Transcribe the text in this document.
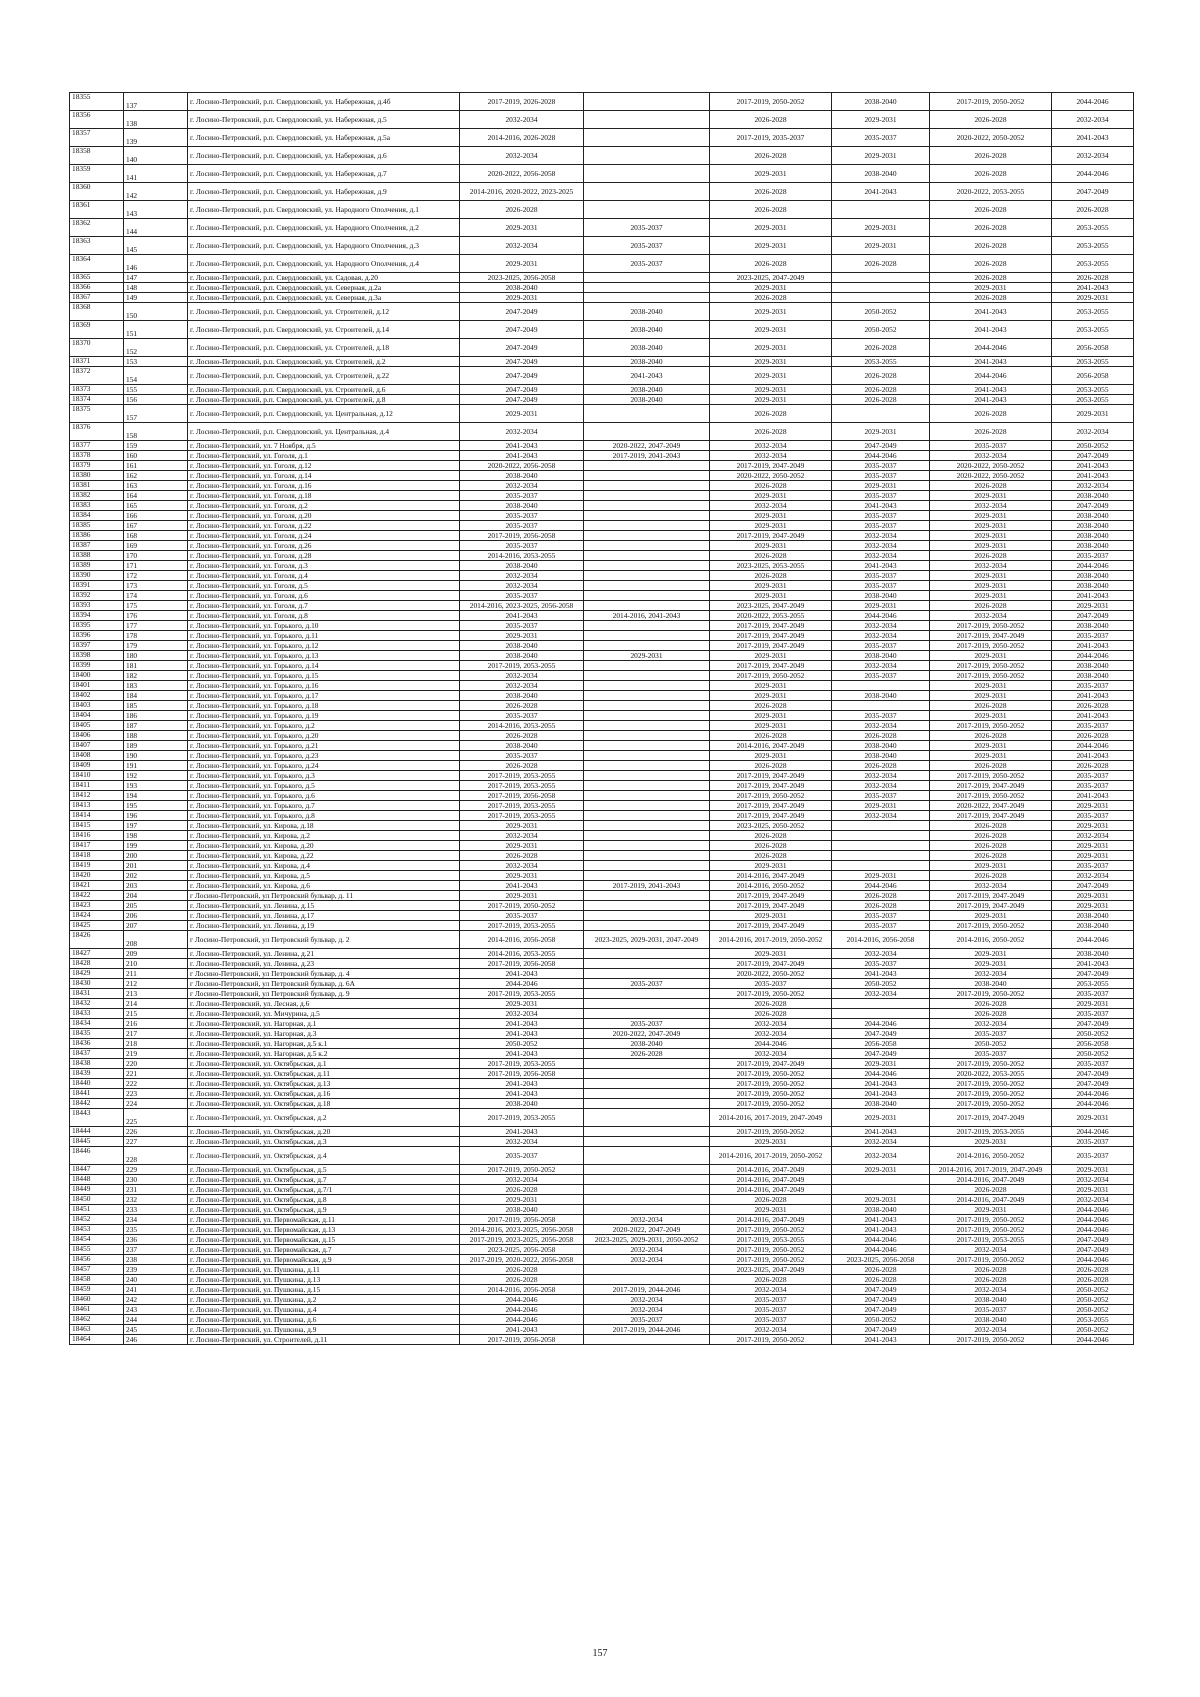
18355	137	г. Лосино-Петровский, р.п. Свердловский, ул. Набережная, д.4б	2017-2019, 2026-2028		2017-2019, 2050-2052	2038-2040	2017-2019, 2050-2052	2044-2046
18356	138	г. Лосино-Петровский, р.п. Свердловский, ул. Набережная, д.5	2032-2034		2026-2028	2029-2031	2026-2028	2032-2034
18357	139	г. Лосино-Петровский, р.п. Свердловский, ул. Набережная, д.5а	2014-2016, 2026-2028		2017-2019, 2035-2037	2035-2037	2020-2022, 2050-2052	2041-2043
18358	140	г. Лосино-Петровский, р.п. Свердловский, ул. Набережная, д.6	2032-2034		2026-2028	2029-2031	2026-2028	2032-2034
18359	141	г. Лосино-Петровский, р.п. Свердловский, ул. Набережная, д.7	2020-2022, 2056-2058		2029-2031	2038-2040	2026-2028	2044-2046
18360	142	г. Лосино-Петровский, р.п. Свердловский, ул. Набережная, д.9	2014-2016, 2020-2022, 2023-2025		2026-2028	2041-2043	2020-2022, 2053-2055	2047-2049
18361	143	г. Лосино-Петровский, р.п. Свердловский, ул. Народного Ополчения, д.1	2026-2028		2026-2028		2026-2028	2026-2028
18362	144	г. Лосино-Петровский, р.п. Свердловский, ул. Народного Ополчения, д.2	2029-2031	2035-2037	2029-2031	2029-2031	2026-2028	2053-2055
18363	145	г. Лосино-Петровский, р.п. Свердловский, ул. Народного Ополчения, д.3	2032-2034	2035-2037	2029-2031	2029-2031	2026-2028	2053-2055
18364	146	г. Лосино-Петровский, р.п. Свердловский, ул. Народного Ополчения, д.4	2029-2031	2035-2037	2026-2028	2026-2028	2026-2028	2053-2055
18365	147	г. Лосино-Петровский, р.п. Свердловский, ул. Садовая, д.20	2023-2025, 2056-2058		2023-2025, 2047-2049		2026-2028	2026-2028
18366	148	г. Лосино-Петровский, р.п. Свердловский, ул. Северная, д.2а	2038-2040		2029-2031		2029-2031	2041-2043
18367	149	г. Лосино-Петровский, р.п. Свердловский, ул. Северная, д.3а	2029-2031		2026-2028		2026-2028	2029-2031
18368	150	г. Лосино-Петровский, р.п. Свердловский, ул. Строителей, д.12	2047-2049	2038-2040	2029-2031	2050-2052	2041-2043	2053-2055
18369	151	г. Лосино-Петровский, р.п. Свердловский, ул. Строителей, д.14	2047-2049	2038-2040	2029-2031	2050-2052	2041-2043	2053-2055
18370	152	г. Лосино-Петровский, р.п. Свердловский, ул. Строителей, д.18	2047-2049	2038-2040	2029-2031	2026-2028	2044-2046	2056-2058
18371	153	г. Лосино-Петровский, р.п. Свердловский, ул. Строителей, д.2	2047-2049	2038-2040	2029-2031	2053-2055	2041-2043	2053-2055
18372	154	г. Лосино-Петровский, р.п. Свердловский, ул. Строителей, д.22	2047-2049	2041-2043	2029-2031	2026-2028	2044-2046	2056-2058
18373	155	г. Лосино-Петровский, р.п. Свердловский, ул. Строителей, д.6	2047-2049	2038-2040	2029-2031	2026-2028	2041-2043	2053-2055
18374	156	г. Лосино-Петровский, р.п. Свердловский, ул. Строителей, д.8	2047-2049	2038-2040	2029-2031	2026-2028	2041-2043	2053-2055
18375	157	г. Лосино-Петровский, р.п. Свердловский, ул. Центральная, д.12	2029-2031		2026-2028		2026-2028	2029-2031
18376	158	г. Лосино-Петровский, р.п. Свердловский, ул. Центральная, д.4	2032-2034		2026-2028	2029-2031	2026-2028	2032-2034
18377	159	г. Лосино-Петровский, ул. 7 Ноября, д.5	2041-2043	2020-2022, 2047-2049	2032-2034	2047-2049	2035-2037	2050-2052
18378	160	г. Лосино-Петровский, ул. Гоголя, д.1	2041-2043	2017-2019, 2041-2043	2032-2034	2044-2046	2032-2034	2047-2049
18379	161	г. Лосино-Петровский, ул. Гоголя, д.12	2020-2022, 2056-2058		2017-2019, 2047-2049	2035-2037	2020-2022, 2050-2052	2041-2043
18380	162	г. Лосино-Петровский, ул. Гоголя, д.14	2038-2040		2020-2022, 2050-2052	2035-2037	2020-2022, 2050-2052	2041-2043
18381	163	г. Лосино-Петровский, ул. Гоголя, д.16	2032-2034		2026-2028	2029-2031	2026-2028	2032-2034
18382	164	г. Лосино-Петровский, ул. Гоголя, д.18	2035-2037		2029-2031	2035-2037	2029-2031	2038-2040
18383	165	г. Лосино-Петровский, ул. Гоголя, д.2	2038-2040		2032-2034	2041-2043	2032-2034	2047-2049
18384	166	г. Лосино-Петровский, ул. Гоголя, д.20	2035-2037		2029-2031	2035-2037	2029-2031	2038-2040
18385	167	г. Лосино-Петровский, ул. Гоголя, д.22	2035-2037		2029-2031	2035-2037	2029-2031	2038-2040
18386	168	г. Лосино-Петровский, ул. Гоголя, д.24	2017-2019, 2056-2058		2017-2019, 2047-2049	2032-2034	2029-2031	2038-2040
18387	169	г. Лосино-Петровский, ул. Гоголя, д.26	2035-2037		2029-2031	2032-2034	2029-2031	2038-2040
18388	170	г. Лосино-Петровский, ул. Гоголя, д.28	2014-2016, 2053-2055		2026-2028	2032-2034	2026-2028	2035-2037
18389	171	г. Лосино-Петровский, ул. Гоголя, д.3	2038-2040		2023-2025, 2053-2055	2041-2043	2032-2034	2044-2046
18390	172	г. Лосино-Петровский, ул. Гоголя, д.4	2032-2034		2026-2028	2035-2037	2029-2031	2038-2040
18391	173	г. Лосино-Петровский, ул. Гоголя, д.5	2032-2034		2029-2031	2035-2037	2029-2031	2038-2040
18392	174	г. Лосино-Петровский, ул. Гоголя, д.6	2035-2037		2029-2031	2038-2040	2029-2031	2041-2043
18393	175	г. Лосино-Петровский, ул. Гоголя, д.7	2014-2016, 2023-2025, 2056-2058		2023-2025, 2047-2049	2029-2031	2026-2028	2029-2031
18394	176	г. Лосино-Петровский, ул. Гоголя, д.8	2041-2043	2014-2016, 2041-2043	2020-2022, 2053-2055	2044-2046	2032-2034	2047-2049
18395	177	г. Лосино-Петровский, ул. Горького, д.10	2035-2037		2017-2019, 2047-2049	2032-2034	2017-2019, 2050-2052	2038-2040
18396	178	г. Лосино-Петровский, ул. Горького, д.11	2029-2031		2017-2019, 2047-2049	2032-2034	2017-2019, 2047-2049	2035-2037
18397	179	г. Лосино-Петровский, ул. Горького, д.12	2038-2040		2017-2019, 2047-2049	2035-2037	2017-2019, 2050-2052	2041-2043
18398	180	г. Лосино-Петровский, ул. Горького, д.13	2038-2040	2029-2031	2029-2031	2038-2040	2029-2031	2044-2046
18399	181	г. Лосино-Петровский, ул. Горького, д.14	2017-2019, 2053-2055		2017-2019, 2047-2049	2032-2034	2017-2019, 2050-2052	2038-2040
18400	182	г. Лосино-Петровский, ул. Горького, д.15	2032-2034		2017-2019, 2050-2052	2035-2037	2017-2019, 2050-2052	2038-2040
18401	183	г. Лосино-Петровский, ул. Горького, д.16	2032-2034		2029-2031		2029-2031	2035-2037
18402	184	г. Лосино-Петровский, ул. Горького, д.17	2038-2040		2029-2031	2038-2040	2029-2031	2041-2043
18403	185	г. Лосино-Петровский, ул. Горького, д.18	2026-2028		2026-2028		2026-2028	2026-2028
18404	186	г. Лосино-Петровский, ул. Горького, д.19	2035-2037		2029-2031	2035-2037	2029-2031	2041-2043
18405	187	г. Лосино-Петровский, ул. Горького, д.2	2014-2016, 2053-2055		2029-2031	2032-2034	2017-2019, 2050-2052	2035-2037
18406	188	г. Лосино-Петровский, ул. Горького, д.20	2026-2028		2026-2028	2026-2028	2026-2028	2026-2028
18407	189	г. Лосино-Петровский, ул. Горького, д.21	2038-2040		2014-2016, 2047-2049	2038-2040	2029-2031	2044-2046
18408	190	г. Лосино-Петровский, ул. Горького, д.23	2035-2037		2029-2031	2038-2040	2029-2031	2041-2043
18409	191	г. Лосино-Петровский, ул. Горького, д.24	2026-2028		2026-2028	2026-2028	2026-2028	2026-2028
18410	192	г. Лосино-Петровский, ул. Горького, д.3	2017-2019, 2053-2055		2017-2019, 2047-2049	2032-2034	2017-2019, 2050-2052	2035-2037
18411	193	г. Лосино-Петровский, ул. Горького, д.5	2017-2019, 2053-2055		2017-2019, 2047-2049	2032-2034	2017-2019, 2047-2049	2035-2037
18412	194	г. Лосино-Петровский, ул. Горького, д.6	2017-2019, 2056-2058		2017-2019, 2050-2052	2035-2037	2017-2019, 2050-2052	2041-2043
18413	195	г. Лосино-Петровский, ул. Горького, д.7	2017-2019, 2053-2055		2017-2019, 2047-2049	2029-2031	2020-2022, 2047-2049	2029-2031
18414	196	г. Лосино-Петровский, ул. Горького, д.8	2017-2019, 2053-2055		2017-2019, 2047-2049	2032-2034	2017-2019, 2047-2049	2035-2037
18415	197	г. Лосино-Петровский, ул. Кирова, д.18	2029-2031		2023-2025, 2050-2052		2026-2028	2029-2031
18416	198	г. Лосино-Петровский, ул. Кирова, д.2	2032-2034		2026-2028		2026-2028	2032-2034
18417	199	г. Лосино-Петровский, ул. Кирова, д.20	2029-2031		2026-2028		2026-2028	2029-2031
18418	200	г. Лосино-Петровский, ул. Кирова, д.22	2026-2028		2026-2028		2026-2028	2029-2031
18419	201	г. Лосино-Петровский, ул. Кирова, д.4	2032-2034		2029-2031		2029-2031	2035-2037
18420	202	г. Лосино-Петровский, ул. Кирова, д.5	2029-2031		2014-2016, 2047-2049	2029-2031	2026-2028	2032-2034
18421	203	г. Лосино-Петровский, ул. Кирова, д.6	2041-2043	2017-2019, 2041-2043	2014-2016, 2050-2052	2044-2046	2032-2034	2047-2049
18422	204	г Лосино-Петровский, ул Петровский бульвар, д. 11	2029-2031		2017-2019, 2047-2049	2026-2028	2017-2019, 2047-2049	2029-2031
18423	205	г. Лосино-Петровский, ул. Ленина, д.15	2017-2019, 2050-2052		2017-2019, 2047-2049	2026-2028	2017-2019, 2047-2049	2029-2031
18424	206	г. Лосино-Петровский, ул. Ленина, д.17	2035-2037		2029-2031	2035-2037	2029-2031	2038-2040
18425	207	г. Лосино-Петровский, ул. Ленина, д.19	2017-2019, 2053-2055		2017-2019, 2047-2049	2035-2037	2017-2019, 2050-2052	2038-2040
18426	208	г Лосино-Петровский, ул Петровский бульвар, д. 2	2014-2016, 2056-2058	2023-2025, 2029-2031, 2047-2049	2014-2016, 2017-2019, 2050-2052	2014-2016, 2056-2058	2014-2016, 2050-2052	2044-2046
18427	209	г. Лосино-Петровский, ул. Ленина, д.21	2014-2016, 2053-2055		2029-2031	2032-2034	2029-2031	2038-2040
18428	210	г. Лосино-Петровский, ул. Ленина, д.23	2017-2019, 2056-2058		2017-2019, 2047-2049	2035-2037	2029-2031	2041-2043
18429	211	г Лосино-Петровский, ул Петровский бульвар, д. 4	2041-2043		2020-2022, 2050-2052	2041-2043	2032-2034	2047-2049
18430	212	г Лосино-Петровский, ул Петровский бульвар, д. 6А	2044-2046	2035-2037	2035-2037	2050-2052	2038-2040	2053-2055
18431	213	г Лосино-Петровский, ул Петровский бульвар, д. 9	2017-2019, 2053-2055		2017-2019, 2050-2052	2032-2034	2017-2019, 2050-2052	2035-2037
18432	214	г. Лосино-Петровский, ул. Лесная, д.6	2029-2031		2026-2028		2026-2028	2029-2031
18433	215	г. Лосино-Петровский, ул. Мичурина, д.5	2032-2034		2026-2028		2026-2028	2035-2037
18434	216	г. Лосино-Петровский, ул. Нагорная, д.1	2041-2043	2035-2037	2032-2034	2044-2046	2032-2034	2047-2049
18435	217	г. Лосино-Петровский, ул. Нагорная, д.3	2041-2043	2020-2022, 2047-2049	2032-2034	2047-2049	2035-2037	2050-2052
18436	218	г. Лосино-Петровский, ул. Нагорная, д.5 к.1	2050-2052	2038-2040	2044-2046	2056-2058	2050-2052	2056-2058
18437	219	г. Лосино-Петровский, ул. Нагорная, д.5 к.2	2041-2043	2026-2028	2032-2034	2047-2049	2035-2037	2050-2052
18438	220	г. Лосино-Петровский, ул. Октябрьская, д.1	2017-2019, 2053-2055		2017-2019, 2047-2049	2029-2031	2017-2019, 2050-2052	2035-2037
18439	221	г. Лосино-Петровский, ул. Октябрьская, д.11	2017-2019, 2056-2058		2017-2019, 2050-2052	2044-2046	2020-2022, 2053-2055	2047-2049
18440	222	г. Лосино-Петровский, ул. Октябрьская, д.13	2041-2043		2017-2019, 2050-2052	2041-2043	2017-2019, 2050-2052	2047-2049
18441	223	г. Лосино-Петровский, ул. Октябрьская, д.16	2041-2043		2017-2019, 2050-2052	2041-2043	2017-2019, 2050-2052	2044-2046
18442	224	г. Лосино-Петровский, ул. Октябрьская, д.18	2038-2040		2017-2019, 2050-2052	2038-2040	2017-2019, 2050-2052	2044-2046
18443	225	г. Лосино-Петровский, ул. Октябрьская, д.2	2017-2019, 2053-2055		2014-2016, 2017-2019, 2047-2049	2029-2031	2017-2019, 2047-2049	2029-2031
18444	226	г. Лосино-Петровский, ул. Октябрьская, д.20	2041-2043		2017-2019, 2050-2052	2041-2043	2017-2019, 2053-2055	2044-2046
18445	227	г. Лосино-Петровский, ул. Октябрьская, д.3	2032-2034		2029-2031	2032-2034	2029-2031	2035-2037
18446	228	г. Лосино-Петровский, ул. Октябрьская, д.4	2035-2037		2014-2016, 2017-2019, 2050-2052	2032-2034	2014-2016, 2050-2052	2035-2037
18447	229	г. Лосино-Петровский, ул. Октябрьская, д.5	2017-2019, 2050-2052		2014-2016, 2047-2049	2029-2031	2014-2016, 2017-2019, 2047-2049	2029-2031
18448	230	г. Лосино-Петровский, ул. Октябрьская, д.7	2032-2034		2014-2016, 2047-2049		2014-2016, 2047-2049	2032-2034
18449	231	г. Лосино-Петровский, ул. Октябрьская, д.7/1	2026-2028		2014-2016, 2047-2049		2026-2028	2029-2031
18450	232	г. Лосино-Петровский, ул. Октябрьская, д.8	2029-2031		2026-2028	2029-2031	2014-2016, 2047-2049	2032-2034
18451	233	г. Лосино-Петровский, ул. Октябрьская, д.9	2038-2040		2029-2031	2038-2040	2029-2031	2044-2046
18452	234	г. Лосино-Петровский, ул. Первомайская, д.11	2017-2019, 2056-2058	2032-2034	2014-2016, 2047-2049	2041-2043	2017-2019, 2050-2052	2044-2046
18453	235	г. Лосино-Петровский, ул. Первомайская, д.13	2014-2016, 2023-2025, 2056-2058	2020-2022, 2047-2049	2017-2019, 2050-2052	2041-2043	2017-2019, 2050-2052	2044-2046
18454	236	г. Лосино-Петровский, ул. Первомайская, д.15	2017-2019, 2023-2025, 2056-2058	2023-2025, 2029-2031, 2050-2052	2017-2019, 2053-2055	2044-2046	2017-2019, 2053-2055	2047-2049
18455	237	г. Лосино-Петровский, ул. Первомайская, д.7	2023-2025, 2056-2058	2032-2034	2017-2019, 2050-2052	2044-2046	2032-2034	2047-2049
18456	238	г. Лосино-Петровский, ул. Первомайская, д.9	2017-2019, 2020-2022, 2056-2058	2032-2034	2017-2019, 2050-2052	2023-2025, 2056-2058	2017-2019, 2050-2052	2044-2046
18457	239	г. Лосино-Петровский, ул. Пушкина, д.11	2026-2028		2023-2025, 2047-2049	2026-2028	2026-2028	2026-2028
18458	240	г. Лосино-Петровский, ул. Пушкина, д.13	2026-2028		2026-2028	2026-2028	2026-2028	2026-2028
18459	241	г. Лосино-Петровский, ул. Пушкина, д.15	2014-2016, 2056-2058	2017-2019, 2044-2046	2032-2034	2047-2049	2032-2034	2050-2052
18460	242	г. Лосино-Петровский, ул. Пушкина, д.2	2044-2046	2032-2034	2035-2037	2047-2049	2038-2040	2050-2052
18461	243	г. Лосино-Петровский, ул. Пушкина, д.4	2044-2046	2032-2034	2035-2037	2047-2049	2035-2037	2050-2052
18462	244	г. Лосино-Петровский, ул. Пушкина, д.6	2044-2046	2035-2037	2035-2037	2050-2052	2038-2040	2053-2055
18463	245	г. Лосино-Петровский, ул. Пушкина, д.9	2041-2043	2017-2019, 2044-2046	2032-2034	2047-2049	2032-2034	2050-2052
18464	246	г. Лосино-Петровский, ул. Строителей, д.11	2017-2019, 2056-2058		2017-2019, 2050-2052	2041-2043	2017-2019, 2050-2052	2044-2046
157
